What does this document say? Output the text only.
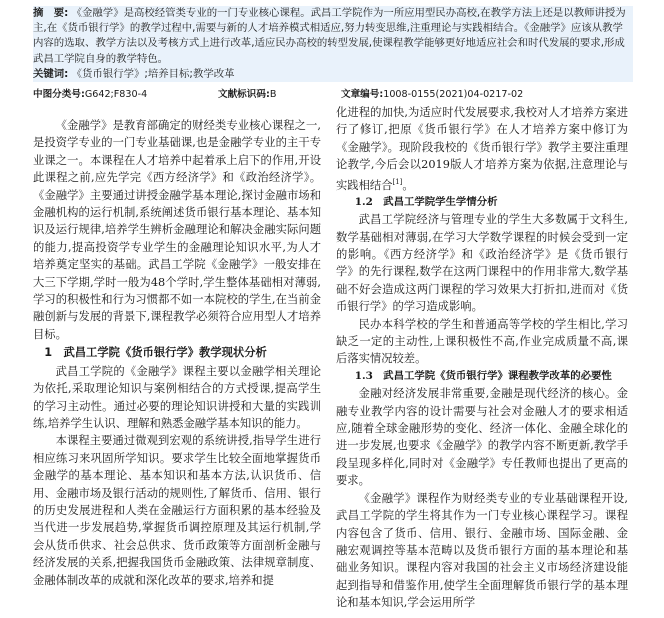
摘　要: 《金融学》是高校经管类专业的一门专业核心课程。武昌工学院作为一所应用型民办高校,在教学方法上还是以教师讲授为主,在《货币银行学》的教学过程中,需要与新的人才培养模式相适应,努力转变思维,注重理论与实践相结合。《金融学》应该从教学内容的选取、教学方法以及考核方式上进行改革,适应民办高校的转型发展,使课程教学能够更好地适应社会和时代发展的要求,形成武昌工学院自身的教学特色。
关键词: 《货币银行学》;培养目标;教学改革
中图分类号:G642;F830-4	文献标识码:B	文章编号:1008-0155(2021)04-0217-02

《金融学》是教育部确定的财经类专业核心课程之一,是投资学专业的一门专业基础课,也是金融学专业的主干专业课之一。本课程在人才培养中起着承上启下的作用,开设此课程之前,应先学完《西方经济学》和《政治经济学》。《金融学》主要通过讲授金融学基本理论,探讨金融市场和金融机构的运行机制,系统阐述货币银行基本理论、基本知识及运行规律,培养学生辨析金融理论和解决金融实际问题的能力,提高投资学专业学生的金融理论知识水平,为人才培养奠定坚实的基础。武昌工学院《金融学》一般安排在大三下学期,学时一般为48个学时,学生整体基础相对薄弱,学习的积极性和行为习惯都不如一本院校的学生,在当前金融创新与发展的背景下,课程教学必须符合应用型人才培养目标。

1　武昌工学院《货币银行学》教学现状分析

武昌工学院的《金融学》课程主要以金融学相关理论为依托,采取理论知识与案例相结合的方式授课,提高学生的学习主动性。通过必要的理论知识讲授和大量的实践训练,培养学生认识、理解和熟悉金融学基本知识的能力。

本课程主要通过微观到宏观的系统讲授,指导学生进行相应练习来巩固所学知识。要求学生比较全面地掌握货币金融学的基本理论、基本知识和基本方法,认识货币、信用、金融市场及银行活动的规则性,了解货币、信用、银行的历史发展进程和人类在金融运行方面积累的基本经验及当代进一步发展趋势,掌握货币调控原理及其运行机制,学会从货币供求、社会总供求、货币政策等方面剖析金融与经济发展的关系,把握我国货币金融政策、法律规章制度、金融体制改革的成就和深化改革的要求,培养和提

化进程的加快,为适应时代发展要求,我校对人才培养方案进行了修订,把原《货币银行学》在人才培养方案中修订为《金融学》。现阶段我校的《货币银行学》教学主要注重理论教学,今后会以2019版人才培养方案为依据,注意理论与实践相结合[1]。

1.2　武昌工学院学生学情分析

武昌工学院经济与管理专业的学生大多数属于文科生,数学基础相对薄弱,在学习大学数学课程的时候会受到一定的影响。《西方经济学》和《政治经济学》是《货币银行学》的先行课程,数学在这两门课程中的作用非常大,数学基础不好会造成这两门课程的学习效果大打折扣,进而对《货币银行学》的学习造成影响。

民办本科学校的学生和普通高等学校的学生相比,学习缺乏一定的主动性,上课积极性不高,作业完成质量不高,课后落实情况较差。

1.3　武昌工学院《货币银行学》课程教学改革的必要性

金融对经济发展非常重要,金融是现代经济的核心。金融专业教学内容的设计需要与社会对金融人才的要求相适应,随着全球金融形势的变化、经济一体化、金融全球化的进一步发展,也要求《金融学》的教学内容不断更新,教学手段呈现多样化,同时对《金融学》专任教师也提出了更高的要求。

《金融学》课程作为财经类专业的专业基础课程开设,武昌工学院的学生将其作为一门专业核心课程学习。课程内容包含了货币、信用、银行、金融市场、国际金融、金融宏观调控等基本范畴以及货币银行方面的基本理论和基础业务知识。课程内容对我国的社会主义市场经济建设能起到指导和借鉴作用,使学生全面理解货币银行学的基本理论和基本知识,学会运用所学
